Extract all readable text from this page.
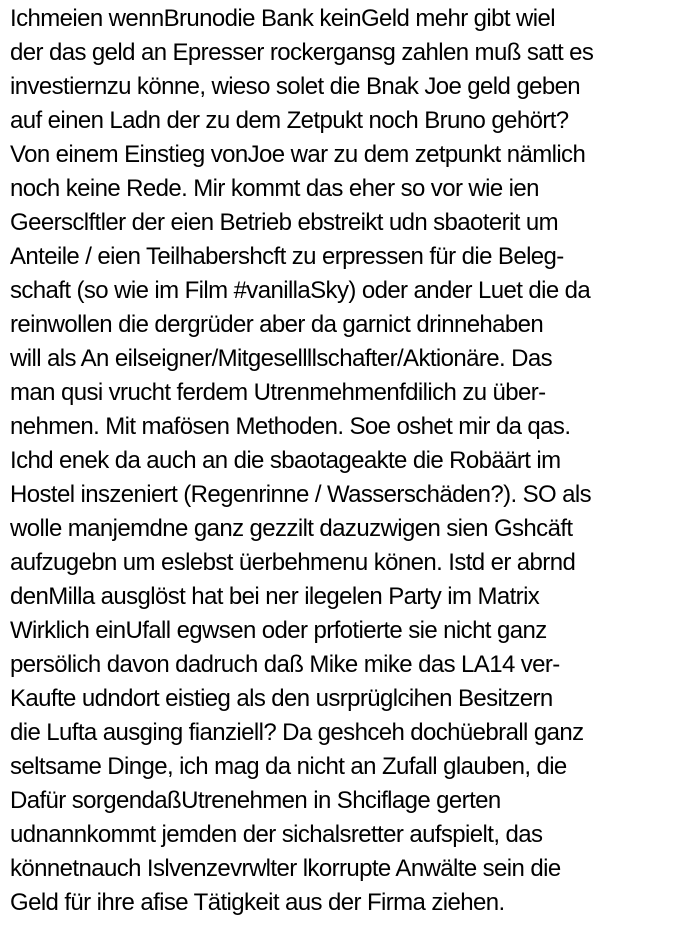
Ichmeien wennBrunodie Bank keinGeld mehr gibt wiel
der das geld an Epresser rockergansg zahlen muß satt es
investiernzu könne, wieso solet die Bnak Joe geld geben
auf einen Ladn der zu dem Zetpukt noch Bruno gehört?
Von einem Einstieg vonJoe war zu dem zetpunkt nämlich
noch keine Rede. Mir kommt das eher so vor wie ien
Geersclftler der eien Betrieb ebstreikt udn sbaoterit um
Anteile / eien Teilhabershcft zu erpressen für die Beleg-
schaft (so wie im Film #vanillaSky) oder ander Luet die da
reinwollen die dergrüder aber da garnict drinnehaben
will als An eilseigner/Mitgesellllschafter/Aktionäre. Das
man qusi vrucht ferdem Utrenmehmenfdilich zu über-
nehmen. Mit mafösen Methoden. Soe oshet mir da qas.
Ichd enek da auch an die sbaotageakte die Robäärt im
Hostel inszeniert (Regenrinne / Wasserschäden?). SO als
wolle manjemdne ganz gezzilt dazuzwigen sien Gshcäft
aufzugebn um eslebst üerbehmenu könen. Istd er abrnd
denMilla ausglöst hat bei ner ilegelen Party im Matrix
Wirklich einUfall egwsen oder prfotierte sie nicht ganz
persölich davon dadruch daß Mike mike das LA14 ver-
Kaufte udndort eistieg als den usrprüglcihen Besitzern
die Lufta ausging fianziell? Da geshceh dochüebrall ganz
seltsame Dinge, ich mag da nicht an Zufall glauben, die
Dafür sorgendaßUtrenehmen in Shciflage gerten
udnannkommt jemden der sichalsretter aufspielt, das
könnetnauch Islvenzevrwlter lkorrupte Anwälte sein die
Geld für ihre afise Tätigkeit aus der Firma ziehen.
